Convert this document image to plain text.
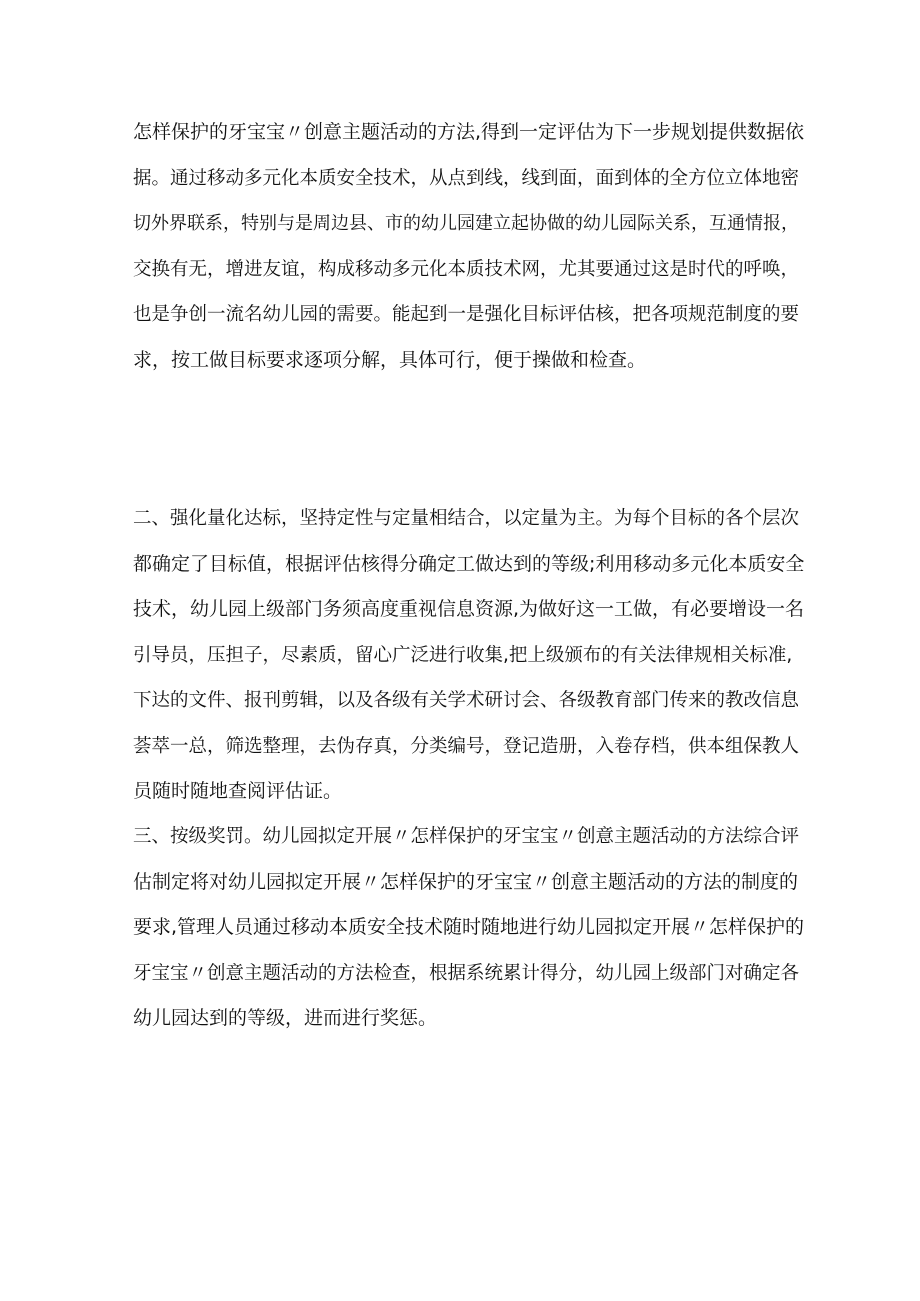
怎样保护的牙宝宝〃创意主题活动的方法,得到一定评估为下一步规划提供数据依
据。通过移动多元化本质安全技术，从点到线，线到面，面到体的全方位立体地密
切外界联系，特别与是周边县、市的幼儿园建立起协做的幼儿园际关系，互通情报，
交换有无，增进友谊，构成移动多元化本质技术网，尤其要通过这是时代的呼唤，
也是争创一流名幼儿园的需要。能起到一是强化目标评估核，把各项规范制度的要
求，按工做目标要求逐项分解，具体可行，便于操做和检查。

二、强化量化达标，坚持定性与定量相结合，以定量为主。为每个目标的各个层次
都确定了目标值，根据评估核得分确定工做达到的等级;利用移动多元化本质安全
技术，幼儿园上级部门务须高度重视信息资源,为做好这一工做，有必要增设一名
引导员，压担子，尽素质，留心广泛进行收集,把上级颁布的有关法律规相关标准,
下达的文件、报刊剪辑，以及各级有关学术研讨会、各级教育部门传来的教改信息
荟萃一总，筛选整理，去伪存真，分类编号，登记造册，入卷存档，供本组保教人
员随时随地查阅评估证。

三、按级奖罚。幼儿园拟定开展〃怎样保护的牙宝宝〃创意主题活动的方法综合评
估制定将对幼儿园拟定开展〃怎样保护的牙宝宝〃创意主题活动的方法的制度的
要求,管理人员通过移动本质安全技术随时随地进行幼儿园拟定开展〃怎样保护的
牙宝宝〃创意主题活动的方法检查，根据系统累计得分，幼儿园上级部门对确定各
幼儿园达到的等级，进而进行奖惩。
